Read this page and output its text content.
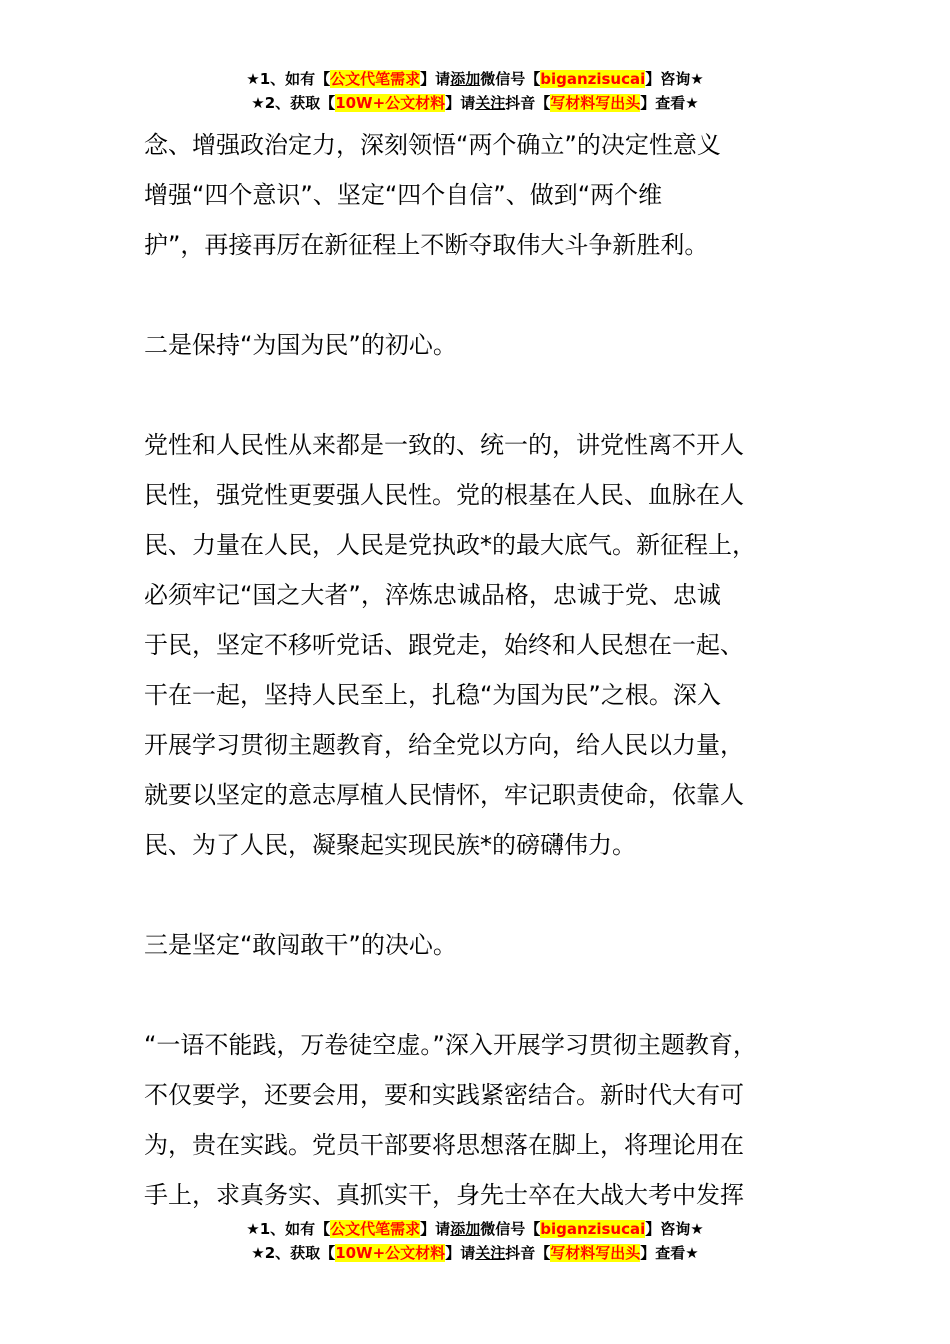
★1、如有【公文代笔需求】请添加微信号【biganzisucai】咨询★
★2、获取【10W+公文材料】请关注抖音【写材料写出头】查看★

念、增强政治定力，深刻领悟“两个确立”的决定性意义

增强“四个意识”、坚定“四个自信”、做到“两个维

护”，再接再厉在新征程上不断夺取伟大斗争新胜利。

二是保持“为国为民”的初心。

党性和人民性从来都是一致的、统一的，讲党性离不开人

民性，强党性更要强人民性。党的根基在人民、血脉在人

民、力量在人民，人民是党执政*的最大底气。新征程上，

必须牢记“国之大者”，淬炼忠诚品格，忠诚于党、忠诚

于民，坚定不移听党话、跟党走，始终和人民想在一起、

干在一起，坚持人民至上，扎稳“为国为民”之根。深入

开展学习贯彻主题教育，给全党以方向，给人民以力量，

就要以坚定的意志厚植人民情怀，牢记职责使命，依靠人

民、为了人民，凝聚起实现民族*的磅礴伟力。

三是坚定“敢闯敢干”的决心。

“一语不能践，万卷徒空虚。”深入开展学习贯彻主题教育，

不仅要学，还要会用，要和实践紧密结合。新时代大有可

为，贵在实践。党员干部要将思想落在脚上，将理论用在

手上，求真务实、真抓实干，身先士卒在大战大考中发挥

★1、如有【公文代笔需求】请添加微信号【biganzisucai】咨询★
★2、获取【10W+公文材料】请关注抖音【写材料写出头】查看★
